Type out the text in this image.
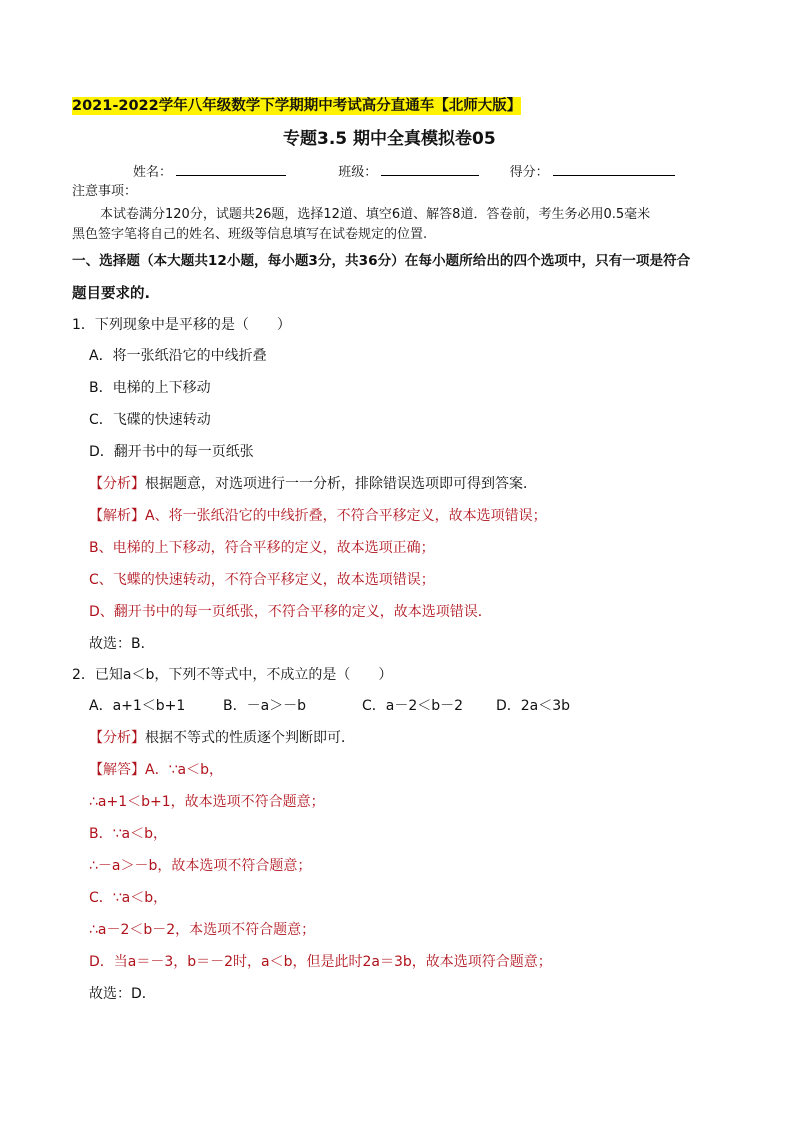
2021-2022学年八年级数学下学期期中考试高分直通车【北师大版】
专题3.5 期中全真模拟卷05
姓名：	班级：	得分：
注意事项：
本试卷满分120分，试题共26题，选择12道、填空6道、解答8道．答卷前，考生务必用0.5毫米
黑色签字笔将自己的姓名、班级等信息填写在试卷规定的位置.
一、选择题（本大题共12小题，每小题3分，共36分）在每小题所给出的四个选项中，只有一项是符合
题目要求的.
1．下列现象中是平移的是（　　）
A．将一张纸沿它的中线折叠
B．电梯的上下移动
C．飞碟的快速转动
D．翻开书中的每一页纸张
【分析】根据题意，对选项进行一一分析，排除错误选项即可得到答案．
【解析】A、将一张纸沿它的中线折叠，不符合平移定义，故本选项错误；
B、电梯的上下移动，符合平移的定义，故本选项正确；
C、飞蝶的快速转动，不符合平移定义，故本选项错误；
D、翻开书中的每一页纸张，不符合平移的定义，故本选项错误．
故选：B．
2．已知a＜b，下列不等式中，不成立的是（　　）
A．a+1＜b+1	B．－a＞－b	C．a－2＜b－2 D．2a＜3b
【分析】根据不等式的性质逐个判断即可．
【解答】A．∵a＜b，
∴a+1＜b+1，故本选项不符合题意；
B．∵a＜b，
∴－a＞－b，故本选项不符合题意；
C．∵a＜b，
∴a－2＜b－2，本选项不符合题意；
D．当a＝－3，b＝－2时，a＜b，但是此时2a＝3b，故本选项符合题意；
故选：D．
